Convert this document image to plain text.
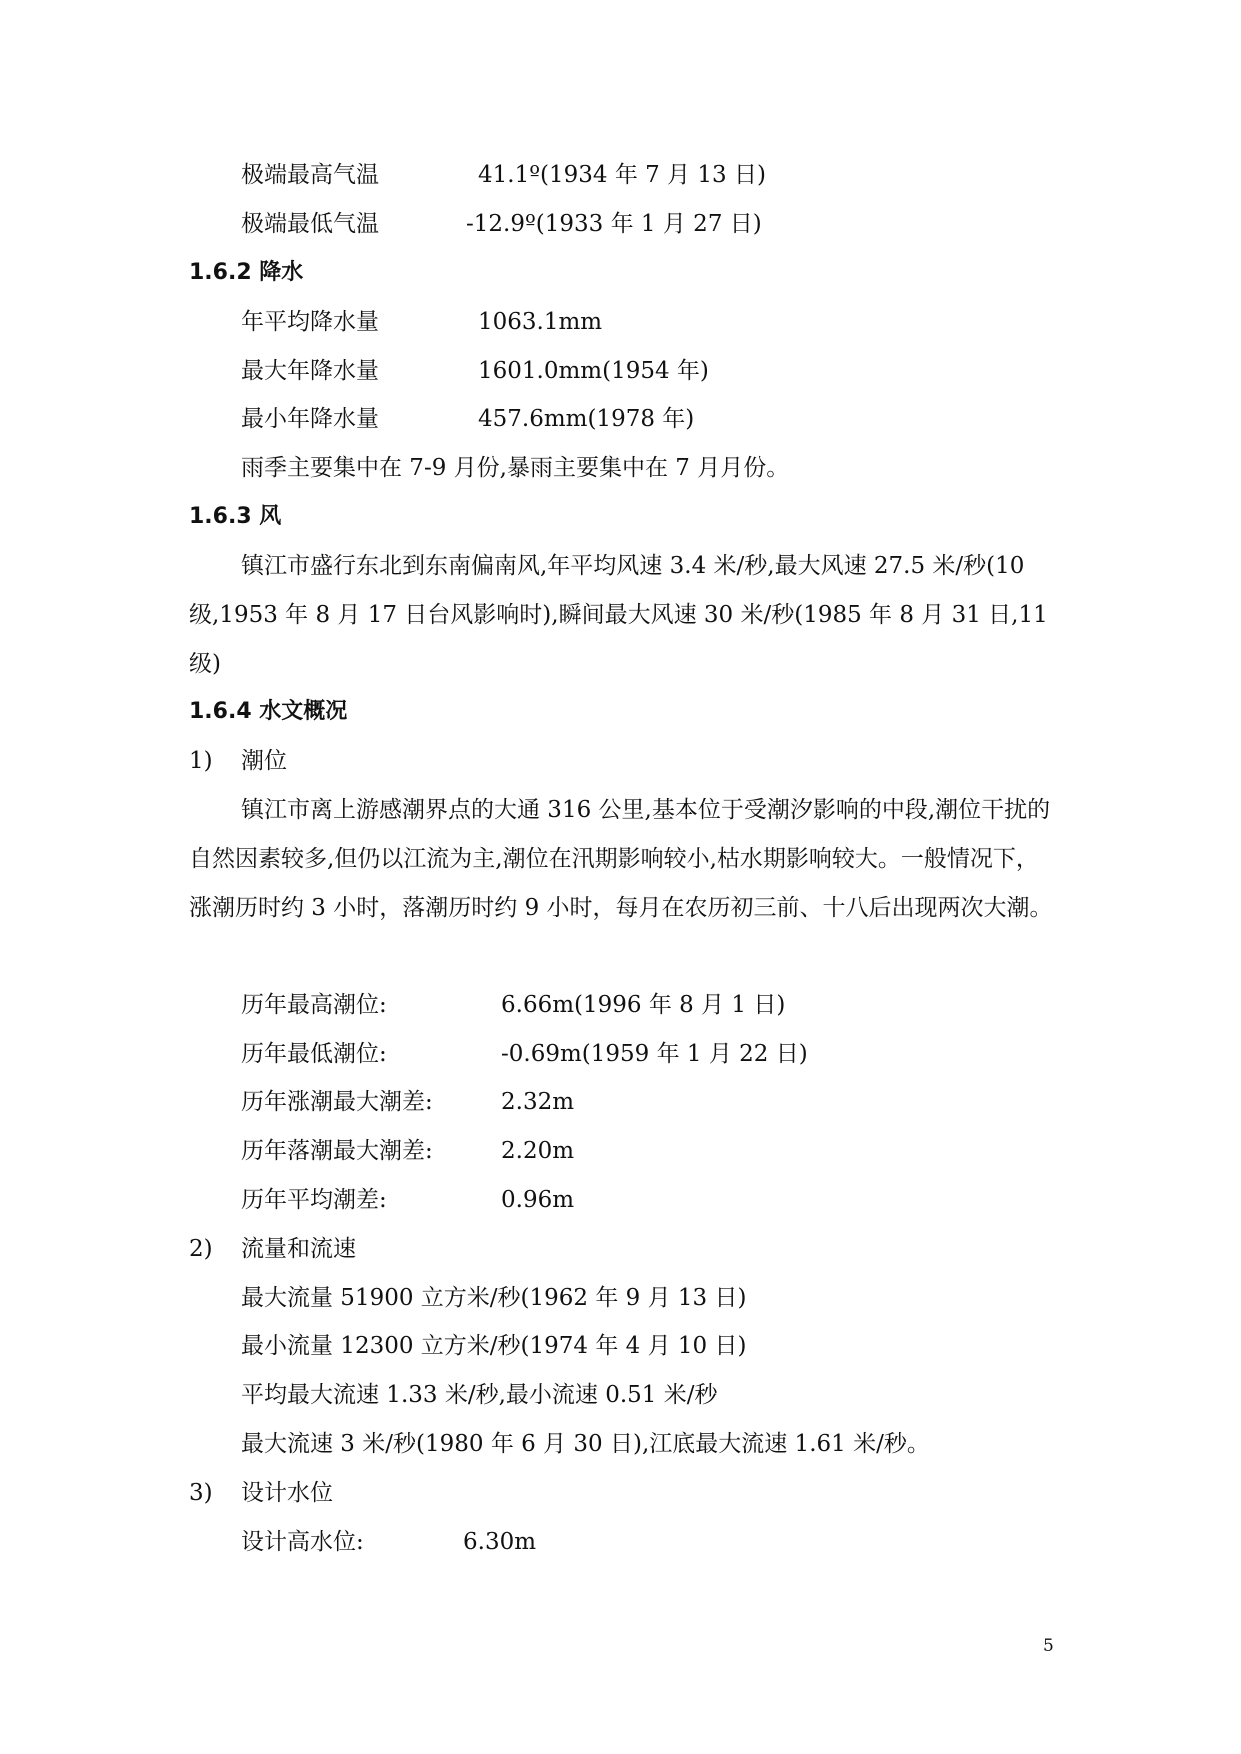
极端最高气温	41.1º(1934 年 7 月 13 日)
极端最低气温	-12.9º(1933 年 1 月 27 日)
1.6.2 降水
年平均降水量	1063.1mm
最大年降水量	1601.0mm(1954 年)
最小年降水量	457.6mm(1978 年)
雨季主要集中在 7-9 月份,暴雨主要集中在 7 月月份。
1.6.3 风

镇江市盛行东北到东南偏南风,年平均风速 3.4 米/秒,最大风速 27.5 米/秒(10 级,1953 年 8 月 17 日台风影响时),瞬间最大风速 30 米/秒(1985 年 8 月 31 日,11 级)

1.6.4 水文概况
1) 潮位

镇江市离上游感潮界点的大通 316 公里,基本位于受潮汐影响的中段,潮位干扰的自然因素较多,但仍以江流为主,潮位在汛期影响较小,枯水期影响较大。一般情况下，涨潮历时约 3 小时，落潮历时约 9 小时，每月在农历初三前、十八后出现两次大潮。

历年最高潮位:	6.66m(1996 年 8 月 1 日)
历年最低潮位:	-0.69m(1959 年 1 月 22 日)
历年涨潮最大潮差:	2.32m
历年落潮最大潮差:	2.20m
历年平均潮差:	0.96m
2) 流量和流速
最大流量 51900 立方米/秒(1962 年 9 月 13 日)
最小流量 12300 立方米/秒(1974 年 4 月 10 日)
平均最大流速 1.33 米/秒,最小流速 0.51 米/秒
最大流速 3 米/秒(1980 年 6 月 30 日),江底最大流速 1.61 米/秒。
3) 设计水位
设计高水位:	6.30m
5
